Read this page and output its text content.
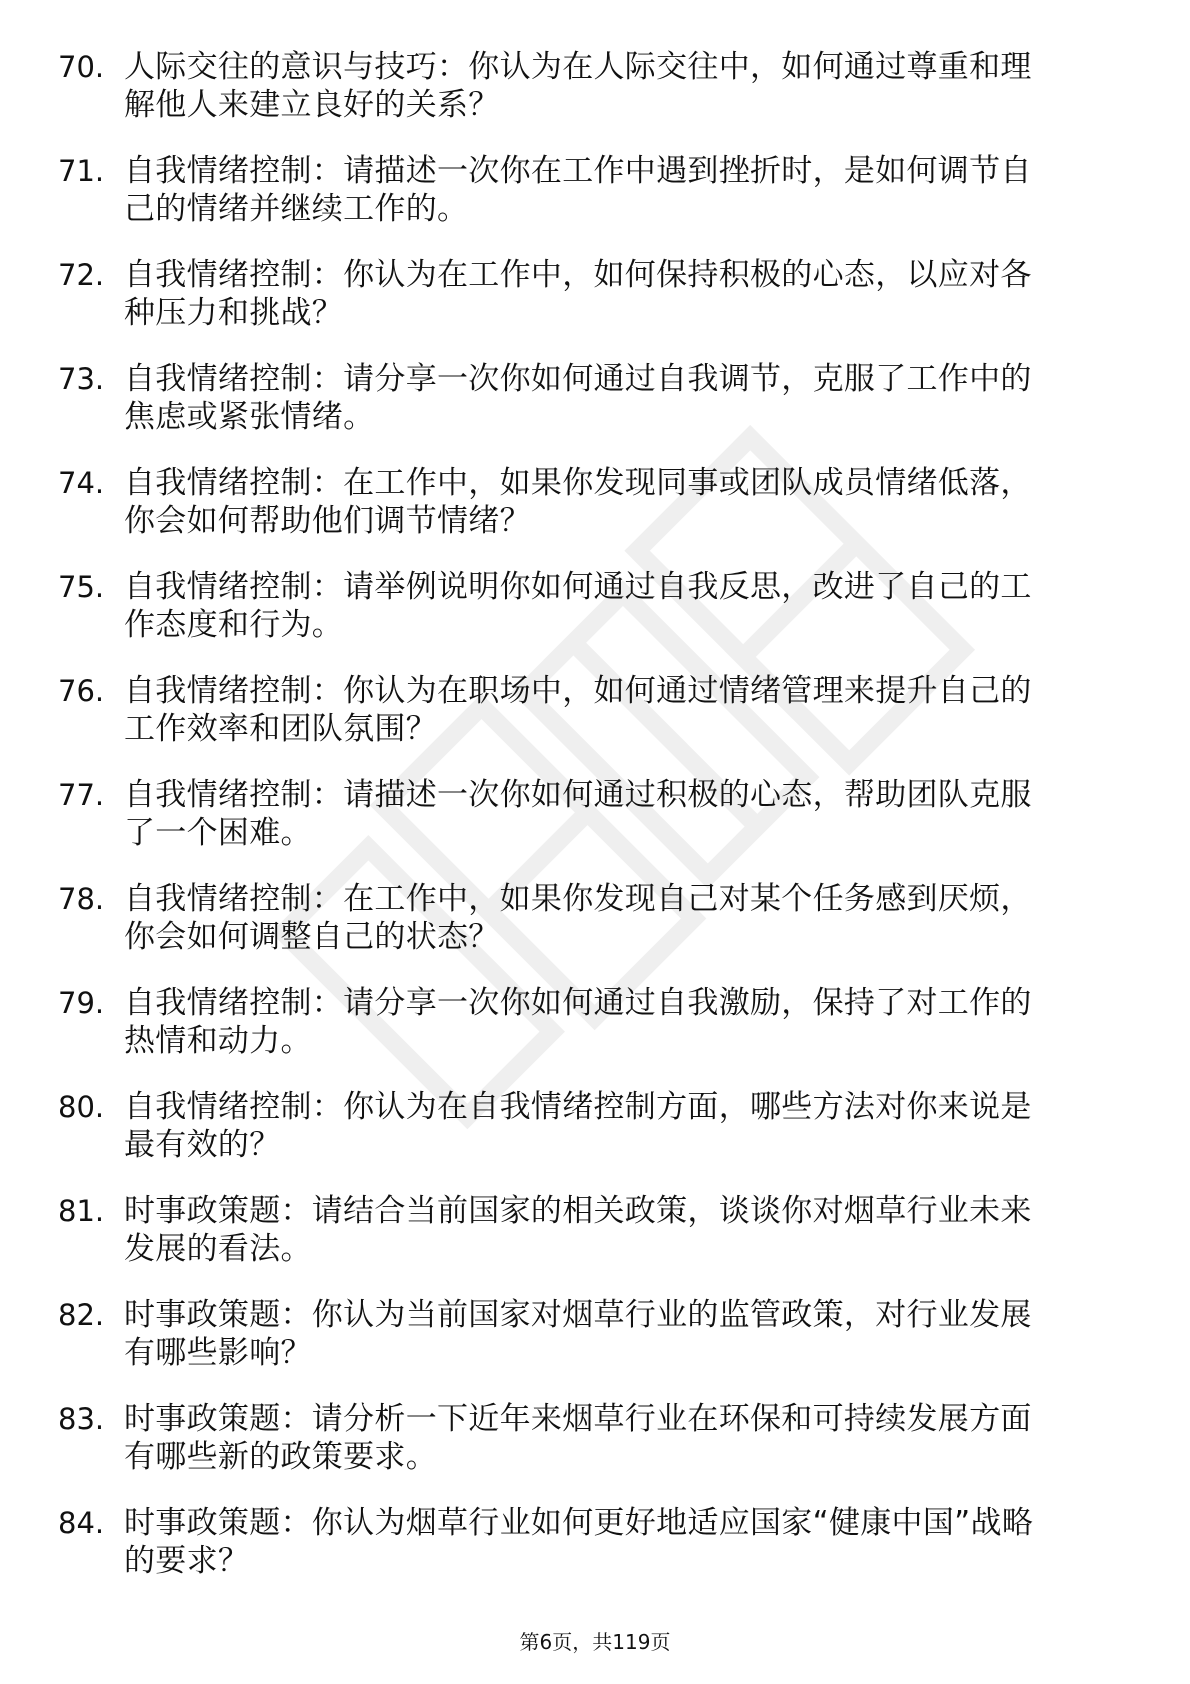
70. 人际交往的意识与技巧：你认为在人际交往中，如何通过尊重和理解他人来建立良好的关系？
71. 自我情绪控制：请描述一次你在工作中遇到挫折时，是如何调节自己的情绪并继续工作的。
72. 自我情绪控制：你认为在工作中，如何保持积极的心态，以应对各种压力和挑战？
73. 自我情绪控制：请分享一次你如何通过自我调节，克服了工作中的焦虑或紧张情绪。
74. 自我情绪控制：在工作中，如果你发现同事或团队成员情绪低落，你会如何帮助他们调节情绪？
75. 自我情绪控制：请举例说明你如何通过自我反思，改进了自己的工作态度和行为。
76. 自我情绪控制：你认为在职场中，如何通过情绪管理来提升自己的工作效率和团队氛围？
77. 自我情绪控制：请描述一次你如何通过积极的心态，帮助团队克服了一个困难。
78. 自我情绪控制：在工作中，如果你发现自己对某个任务感到厌烦，你会如何调整自己的状态？
79. 自我情绪控制：请分享一次你如何通过自我激励，保持了对工作的热情和动力。
80. 自我情绪控制：你认为在自我情绪控制方面，哪些方法对你来说是最有效的？
81. 时事政策题：请结合当前国家的相关政策，谈谈你对烟草行业未来发展的看法。
82. 时事政策题：你认为当前国家对烟草行业的监管政策，对行业发展有哪些影响？
83. 时事政策题：请分析一下近年来烟草行业在环保和可持续发展方面有哪些新的政策要求。
84. 时事政策题：你认为烟草行业如何更好地适应国家“健康中国”战略的要求？
第6页，共119页
